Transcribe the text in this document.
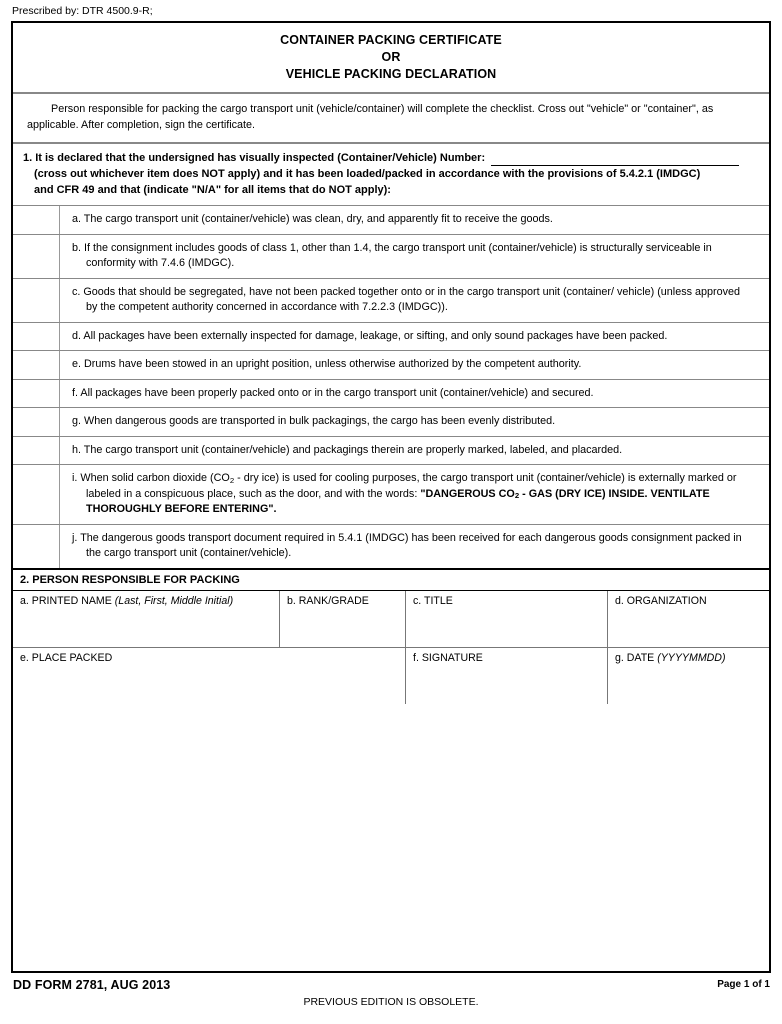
Prescribed by: DTR 4500.9-R;
CONTAINER PACKING CERTIFICATE
OR
VEHICLE PACKING DECLARATION
Person responsible for packing the cargo transport unit (vehicle/container) will complete the checklist. Cross out "vehicle" or "container", as applicable. After completion, sign the certificate.
1. It is declared that the undersigned has visually inspected (Container/Vehicle) Number:
(cross out whichever item does NOT apply) and it has been loaded/packed in accordance with the provisions of 5.4.2.1 (IMDGC)
and CFR 49 and that (indicate "N/A" for all items that do NOT apply):

	a. The cargo transport unit (container/vehicle) was clean, dry, and apparently fit to receive the goods.

	b. If the consignment includes goods of class 1, other than 1.4, the cargo transport unit (container/vehicle) is structurally serviceable in conformity with 7.4.6 (IMDGC).

	c. Goods that should be segregated, have not been packed together onto or in the cargo transport unit (container/ vehicle) (unless approved by the competent authority concerned in accordance with 7.2.2.3 (IMDGC)).

	d. All packages have been externally inspected for damage, leakage, or sifting, and only sound packages have been packed.

	e. Drums have been stowed in an upright position, unless otherwise authorized by the competent authority.

	f. All packages have been properly packed onto or in the cargo transport unit (container/vehicle) and secured.

	g. When dangerous goods are transported in bulk packagings, the cargo has been evenly distributed.

	h. The cargo transport unit (container/vehicle) and packagings therein are properly marked, labeled, and placarded.

	i. When solid carbon dioxide ($CO_2$ - dry ice) is used for cooling purposes, the cargo transport unit (container/vehicle) is externally marked or labeled in a conspicuous place, such as the door, and with the words: "DANGEROUS $CO_2$ - GAS (DRY ICE) INSIDE. VENTILATE THOROUGHLY BEFORE ENTERING".

	j. The dangerous goods transport document required in 5.4.1 (IMDGC) has been received for each dangerous goods consignment packed in the cargo transport unit (container/vehicle).
2. PERSON RESPONSIBLE FOR PACKING
a. PRINTED NAME (Last, First, Middle Initial)	b. RANK/GRADE	c. TITLE	d. ORGANIZATION

e. PLACE PACKED		f. SIGNATURE	g. DATE (YYYYMMDD)
DD FORM 2781, AUG 2013	Page 1 of 1
PREVIOUS EDITION IS OBSOLETE.
